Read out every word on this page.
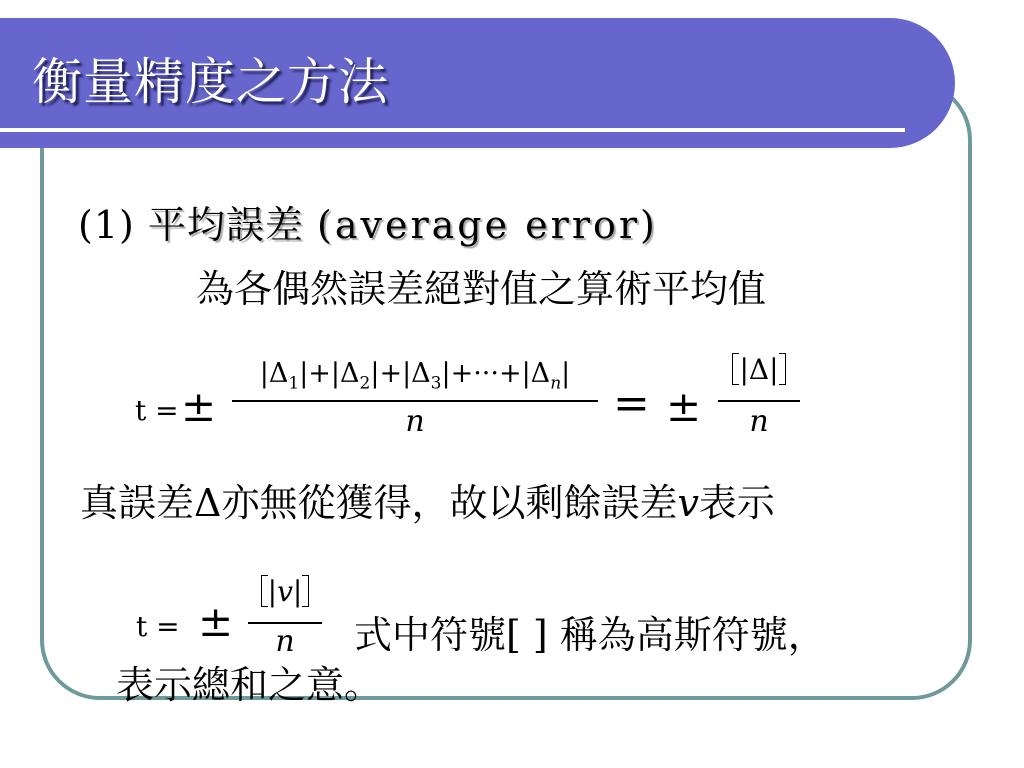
衡量精度之方法
(1) 平均誤差 (average error)
為各偶然誤差絕對值之算術平均值
t = ±
$|\Delta_1|+|\Delta_2|+|\Delta_3|+\cdot\cdot\cdot+|\Delta_n|$
n	= ±
|Δ|
n
真誤差Δ亦無從獲得，故以剩餘誤差v表示
t = ±
|v|
n	式中符號[ ] 稱為高斯符號，
表示總和之意。
